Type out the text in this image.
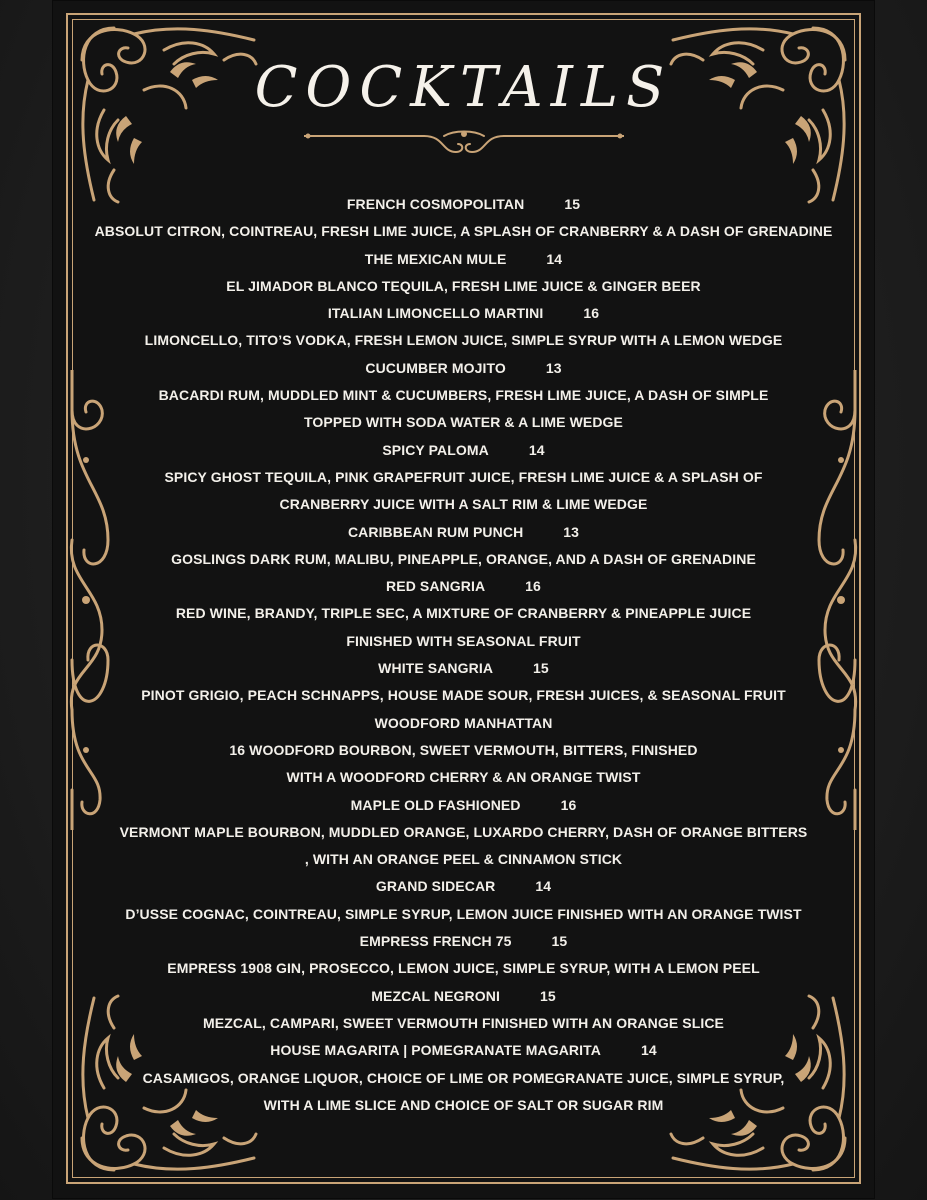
COCKTAILS
FRENCH COSMOPOLITAN	15
ABSOLUT CITRON, COINTREAU, FRESH LIME JUICE, A SPLASH OF CRANBERRY & A DASH OF GRENADINE
THE MEXICAN MULE	14
EL JIMADOR BLANCO TEQUILA, FRESH LIME JUICE & GINGER BEER
ITALIAN LIMONCELLO MARTINI	16
LIMONCELLO, TITO’S VODKA, FRESH LEMON JUICE, SIMPLE SYRUP WITH A LEMON WEDGE
CUCUMBER MOJITO	13
BACARDI RUM, MUDDLED MINT & CUCUMBERS, FRESH LIME JUICE, A DASH OF SIMPLE
TOPPED WITH SODA WATER & A LIME WEDGE
SPICY PALOMA	14
SPICY GHOST TEQUILA, PINK GRAPEFRUIT JUICE, FRESH LIME JUICE & A SPLASH OF
CRANBERRY JUICE WITH A SALT RIM & LIME WEDGE
CARIBBEAN RUM PUNCH	13
GOSLINGS DARK RUM, MALIBU, PINEAPPLE, ORANGE, AND A DASH OF GRENADINE
RED SANGRIA	16
RED WINE, BRANDY, TRIPLE SEC, A MIXTURE OF CRANBERRY & PINEAPPLE JUICE
FINISHED WITH SEASONAL FRUIT
WHITE SANGRIA	15
PINOT GRIGIO, PEACH SCHNAPPS, HOUSE MADE SOUR, FRESH JUICES, & SEASONAL FRUIT
WOODFORD MANHATTAN
16 WOODFORD BOURBON, SWEET VERMOUTH, BITTERS, FINISHED
WITH A WOODFORD CHERRY & AN ORANGE TWIST
MAPLE OLD FASHIONED	16
VERMONT MAPLE BOURBON, MUDDLED ORANGE, LUXARDO CHERRY, DASH OF ORANGE BITTERS
, WITH AN ORANGE PEEL & CINNAMON STICK
GRAND SIDECAR	14
D’USSE COGNAC, COINTREAU, SIMPLE SYRUP, LEMON JUICE FINISHED WITH AN ORANGE TWIST
EMPRESS FRENCH 75	15
EMPRESS 1908 GIN, PROSECCO, LEMON JUICE, SIMPLE SYRUP, WITH A LEMON PEEL
MEZCAL NEGRONI	15
MEZCAL, CAMPARI, SWEET VERMOUTH FINISHED WITH AN ORANGE SLICE
HOUSE MAGARITA | POMEGRANATE MAGARITA	14
CASAMIGOS, ORANGE LIQUOR, CHOICE OF LIME OR POMEGRANATE JUICE, SIMPLE SYRUP,
WITH A LIME SLICE AND CHOICE OF SALT OR SUGAR RIM
